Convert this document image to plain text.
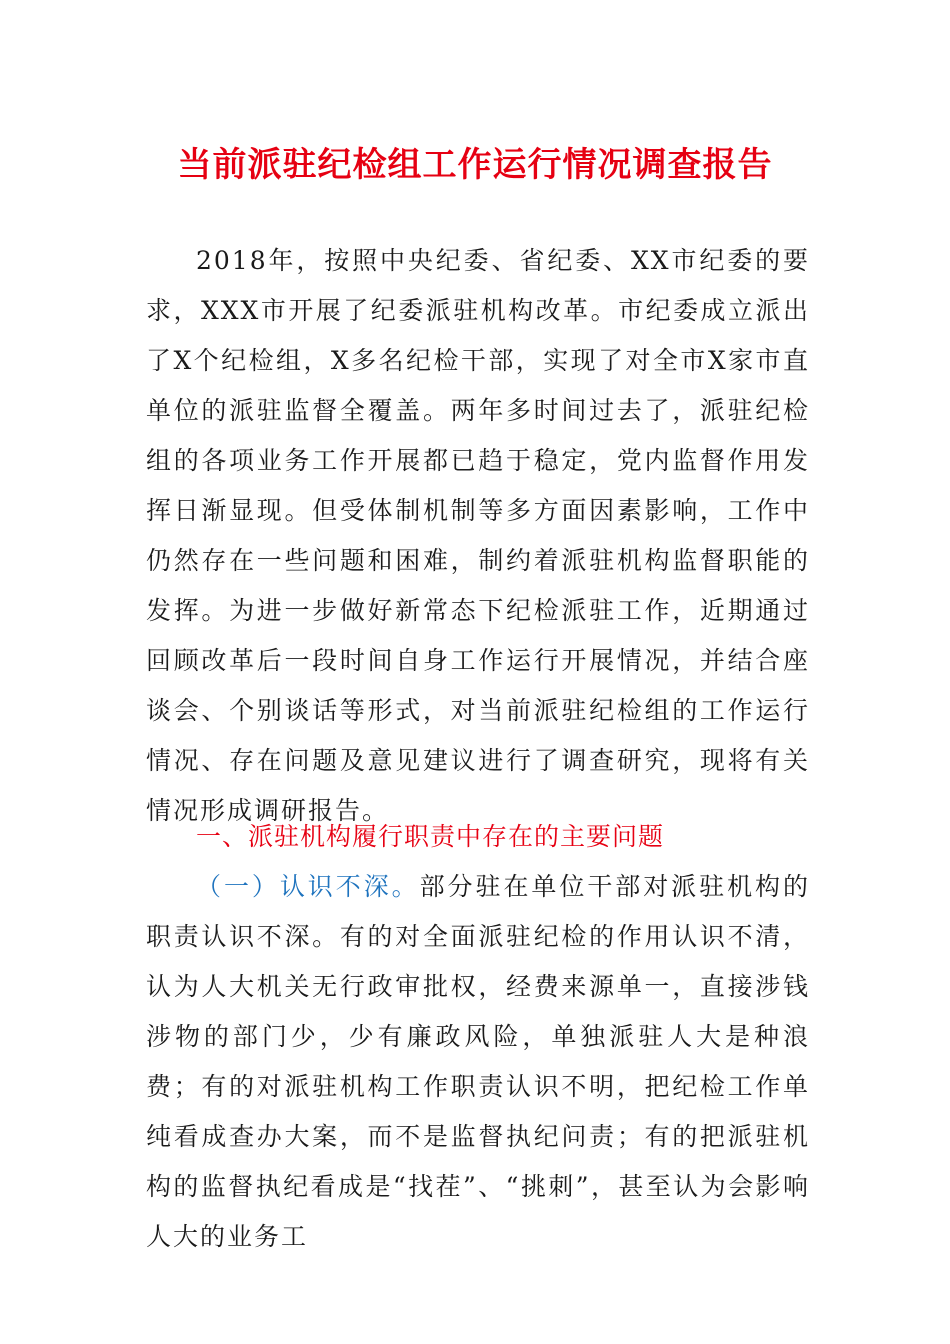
当前派驻纪检组工作运行情况调查报告
2018年，按照中央纪委、省纪委、XX市纪委的要求，XXX市开展了纪委派驻机构改革。市纪委成立派出了X个纪检组，X多名纪检干部，实现了对全市X家市直单位的派驻监督全覆盖。两年多时间过去了，派驻纪检组的各项业务工作开展都已趋于稳定，党内监督作用发挥日渐显现。但受体制机制等多方面因素影响，工作中仍然存在一些问题和困难，制约着派驻机构监督职能的发挥。为进一步做好新常态下纪检派驻工作，近期通过回顾改革后一段时间自身工作运行开展情况，并结合座谈会、个别谈话等形式，对当前派驻纪检组的工作运行情况、存在问题及意见建议进行了调查研究，现将有关情况形成调研报告。
一、派驻机构履行职责中存在的主要问题
（一）认识不深。部分驻在单位干部对派驻机构的职责认识不深。有的对全面派驻纪检的作用认识不清，认为人大机关无行政审批权，经费来源单一，直接涉钱涉物的部门少，少有廉政风险，单独派驻人大是种浪费；有的对派驻机构工作职责认识不明，把纪检工作单纯看成查办大案，而不是监督执纪问责；有的把派驻机构的监督执纪看成是“找茬”、“挑刺”，甚至认为会影响人大的业务工
